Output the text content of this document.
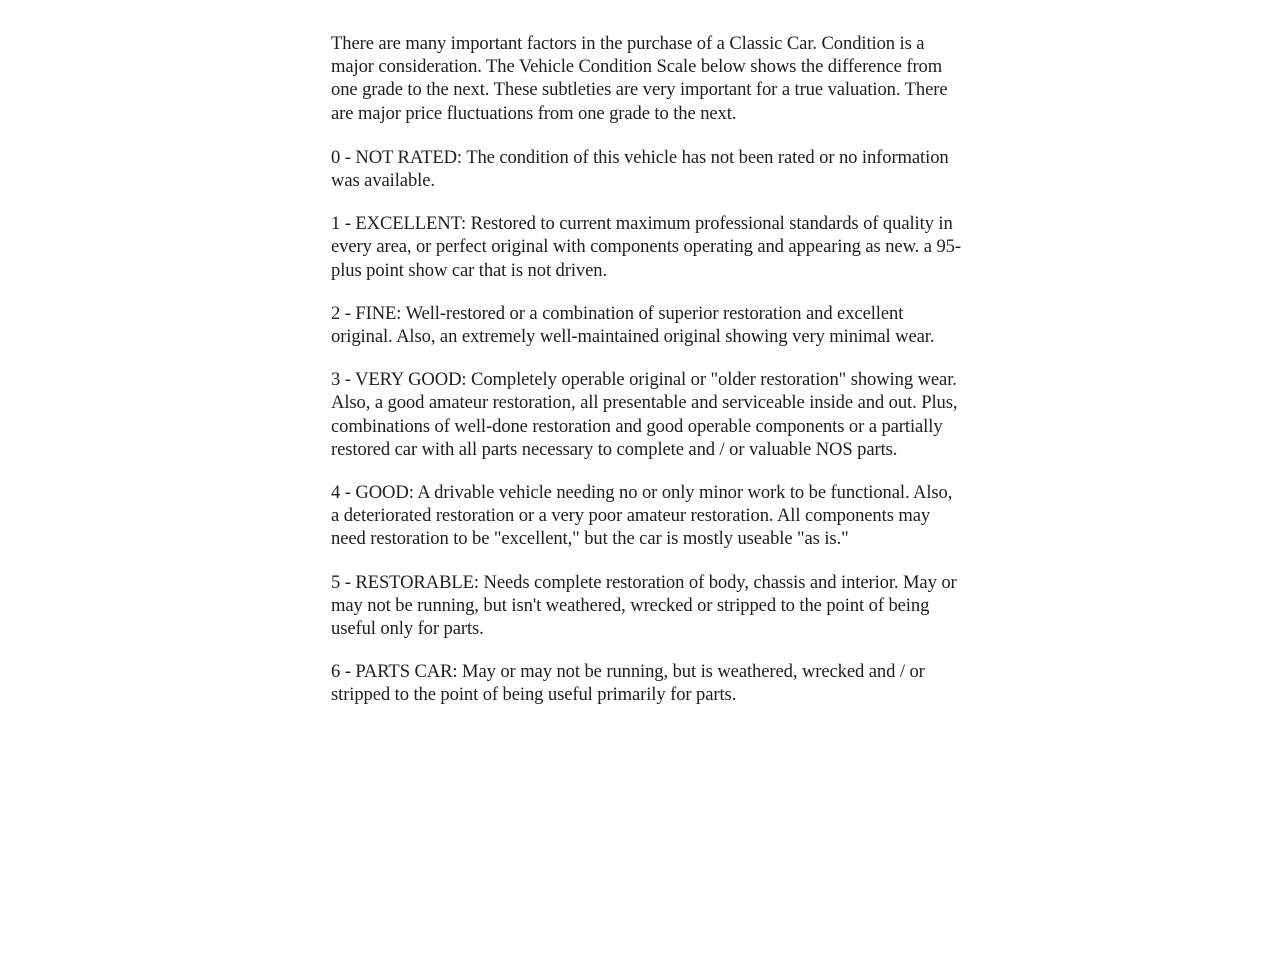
There are many important factors in the purchase of a Classic Car. Condition is a major consideration. The Vehicle Condition Scale below shows the difference from one grade to the next. These subtleties are very important for a true valuation. There are major price fluctuations from one grade to the next.

0 - NOT RATED: The condition of this vehicle has not been rated or no information was available.

1 - EXCELLENT: Restored to current maximum professional standards of quality in every area, or perfect original with components operating and appearing as new. a 95-plus point show car that is not driven.

2 - FINE: Well-restored or a combination of superior restoration and excellent original. Also, an extremely well-maintained original showing very minimal wear.

3 - VERY GOOD: Completely operable original or "older restoration" showing wear. Also, a good amateur restoration, all presentable and serviceable inside and out. Plus, combinations of well-done restoration and good operable components or a partially restored car with all parts necessary to complete and / or valuable NOS parts.

4 - GOOD: A drivable vehicle needing no or only minor work to be functional. Also, a deteriorated restoration or a very poor amateur restoration. All components may need restoration to be "excellent," but the car is mostly useable "as is."

5 - RESTORABLE: Needs complete restoration of body, chassis and interior. May or may not be running, but isn't weathered, wrecked or stripped to the point of being useful only for parts.

6 - PARTS CAR: May or may not be running, but is weathered, wrecked and / or stripped to the point of being useful primarily for parts.
